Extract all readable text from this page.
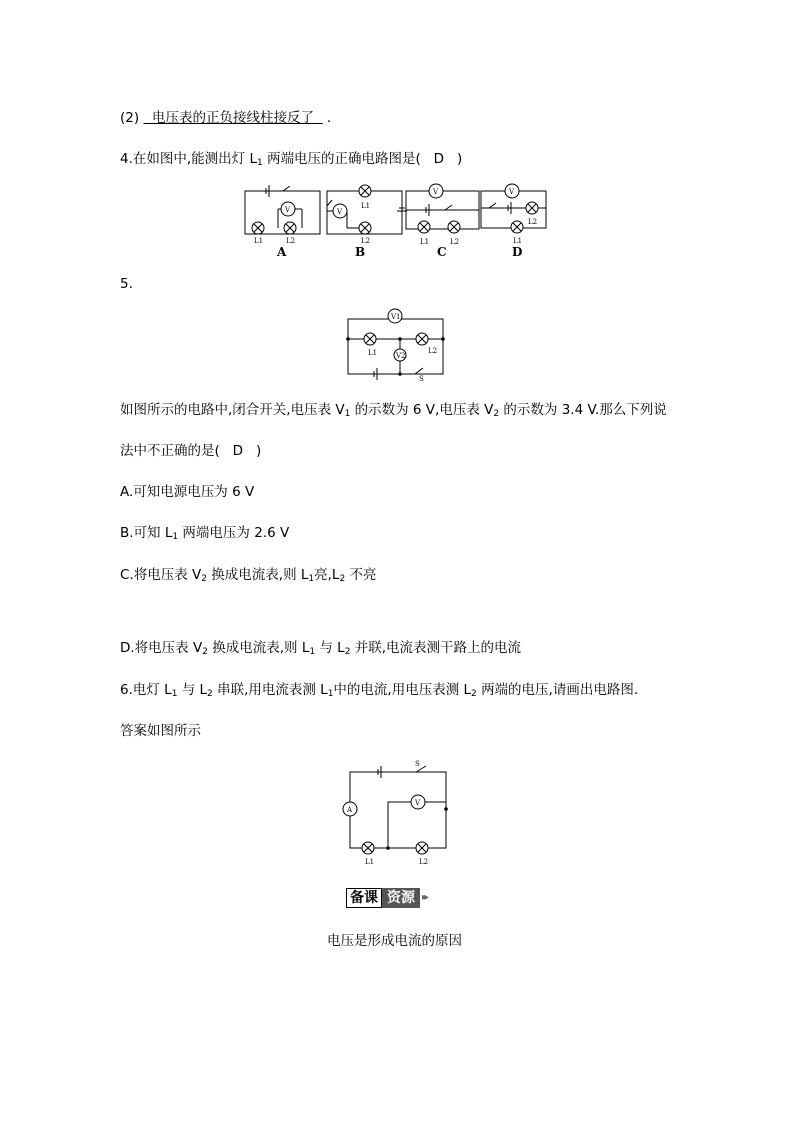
(2) 电压表的正负接线柱接反了 .
4.在如图中,能测出灯 $L_1$ 两端电压的正确电路图是( D )
V	V
V	V
L1	L2
L1
L2	L1	L2
L2
L1
A	B	C	D
5.
V1
V2
L1	L2
S
如图所示的电路中,闭合开关,电压表 $V_1$ 的示数为 6 V,电压表 $V_2$ 的示数为 3.4 V.那么下列说
法中不正确的是( D )
A.可知电源电压为 6 V
B.可知 $L_1$ 两端电压为 2.6 V
C.将电压表 $V_2$ 换成电流表,则 $L_1$亮$,L_2$ 不亮
D.将电压表 $V_2$ 换成电流表,则 $L_1$ 与 $L_2$ 并联,电流表测干路上的电流
6.电灯 $L_1$ 与 $L_2$ 串联,用电流表测 $L_1$中的电流,用电压表测 $L_2$ 两端的电压,请画出电路图.
答案如图所示
A
V
S
L1	L2
备课 资源 ▸▸
电压是形成电流的原因
